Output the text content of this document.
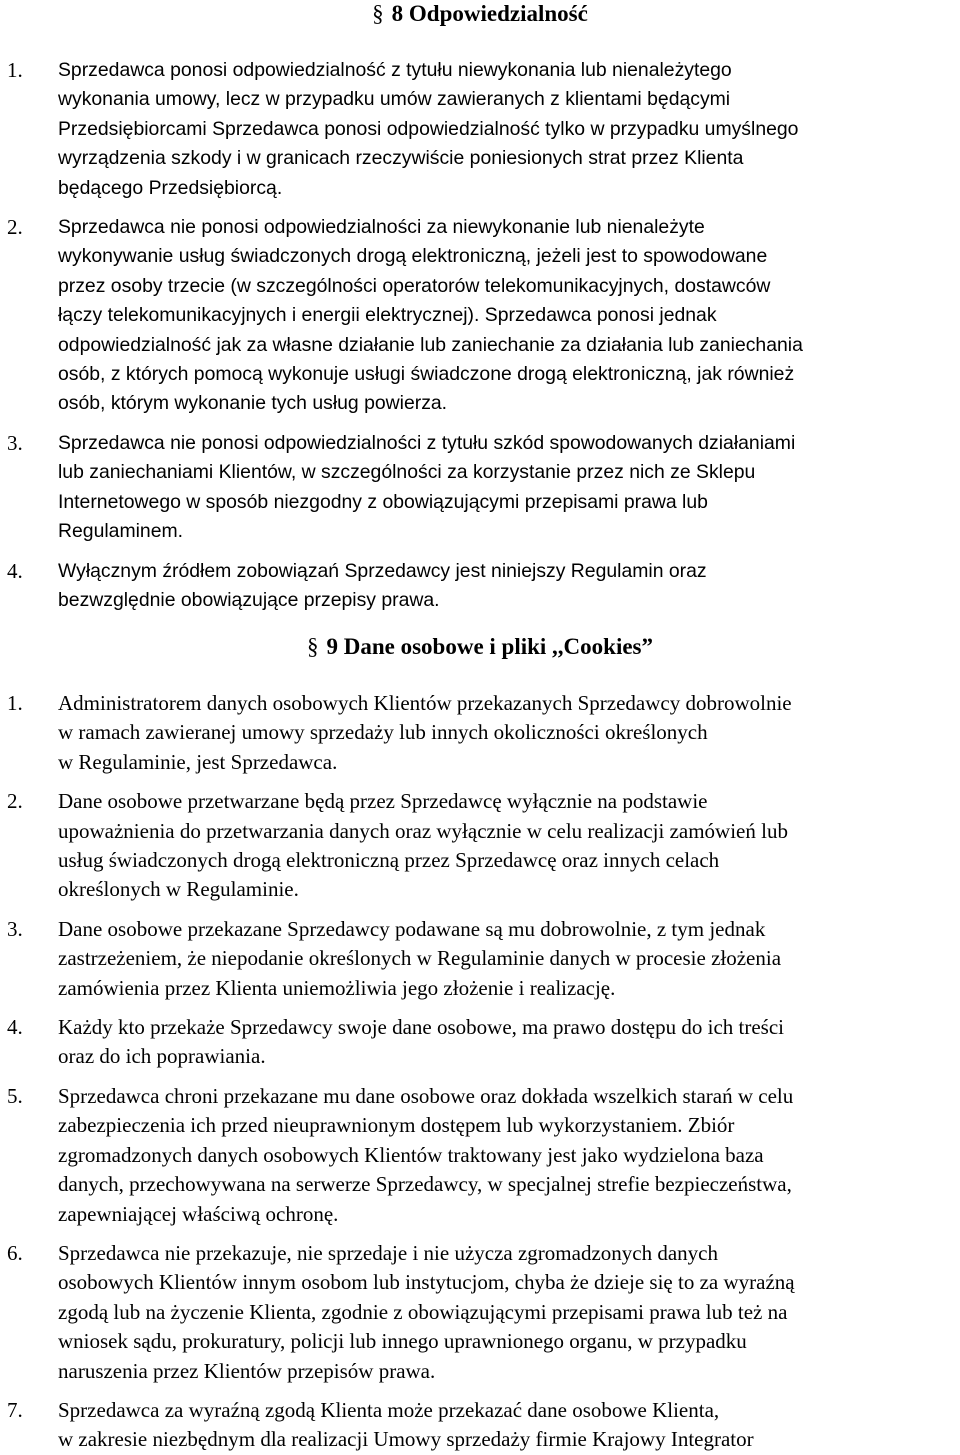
§ 8 Odpowiedzialność
1.	Sprzedawca ponosi odpowiedzialność z tytułu niewykonania lub nienależytego
wykonania umowy, lecz w przypadku umów zawieranych z klientami będącymi
Przedsiębiorcami Sprzedawca ponosi odpowiedzialność tylko w przypadku umyślnego
wyrządzenia szkody i w granicach rzeczywiście poniesionych strat przez Klienta
będącego Przedsiębiorcą.
2.	Sprzedawca nie ponosi odpowiedzialności za niewykonanie lub nienależyte
wykonywanie usług świadczonych drogą elektroniczną, jeżeli jest to spowodowane
przez osoby trzecie (w szczególności operatorów telekomunikacyjnych, dostawców
łączy telekomunikacyjnych i energii elektrycznej). Sprzedawca ponosi jednak
odpowiedzialność jak za własne działanie lub zaniechanie za działania lub zaniechania
osób, z których pomocą wykonuje usługi świadczone drogą elektroniczną, jak również
osób, którym wykonanie tych usług powierza.
3.	Sprzedawca nie ponosi odpowiedzialności z tytułu szkód spowodowanych działaniami
lub zaniechaniami Klientów, w szczególności za korzystanie przez nich ze Sklepu
Internetowego w sposób niezgodny z obowiązującymi przepisami prawa lub
Regulaminem.
4.	Wyłącznym źródłem zobowiązań Sprzedawcy jest niniejszy Regulamin oraz
bezwzględnie obowiązujące przepisy prawa.
§ 9 Dane osobowe i pliki ,,Cookies”
1.	Administratorem danych osobowych Klientów przekazanych Sprzedawcy dobrowolnie
w ramach zawieranej umowy sprzedaży lub innych okoliczności określonych
w Regulaminie, jest Sprzedawca.
2.	Dane osobowe przetwarzane będą przez Sprzedawcę wyłącznie na podstawie
upoważnienia do przetwarzania danych oraz wyłącznie w celu realizacji zamówień lub
usług świadczonych drogą elektroniczną przez Sprzedawcę oraz innych celach
określonych w Regulaminie.
3.	Dane osobowe przekazane Sprzedawcy podawane są mu dobrowolnie, z tym jednak
zastrzeżeniem, że niepodanie określonych w Regulaminie danych w procesie złożenia
zamówienia przez Klienta uniemożliwia jego złożenie i realizację.
4.	Każdy kto przekaże Sprzedawcy swoje dane osobowe, ma prawo dostępu do ich treści
oraz do ich poprawiania.
5.	Sprzedawca chroni przekazane mu dane osobowe oraz dokłada wszelkich starań w celu
zabezpieczenia ich przed nieuprawnionym dostępem lub wykorzystaniem. Zbiór
zgromadzonych danych osobowych Klientów traktowany jest jako wydzielona baza
danych, przechowywana na serwerze Sprzedawcy, w specjalnej strefie bezpieczeństwa,
zapewniającej właściwą ochronę.
6.	Sprzedawca nie przekazuje, nie sprzedaje i nie użycza zgromadzonych danych
osobowych Klientów innym osobom lub instytucjom, chyba że dzieje się to za wyraźną
zgodą lub na życzenie Klienta, zgodnie z obowiązującymi przepisami prawa lub też na
wniosek sądu, prokuratury, policji lub innego uprawnionego organu, w przypadku
naruszenia przez Klientów przepisów prawa.
7.	Sprzedawca za wyraźną zgodą Klienta może przekazać dane osobowe Klienta,
w zakresie niezbędnym dla realizacji Umowy sprzedaży firmie Krajowy Integrator
